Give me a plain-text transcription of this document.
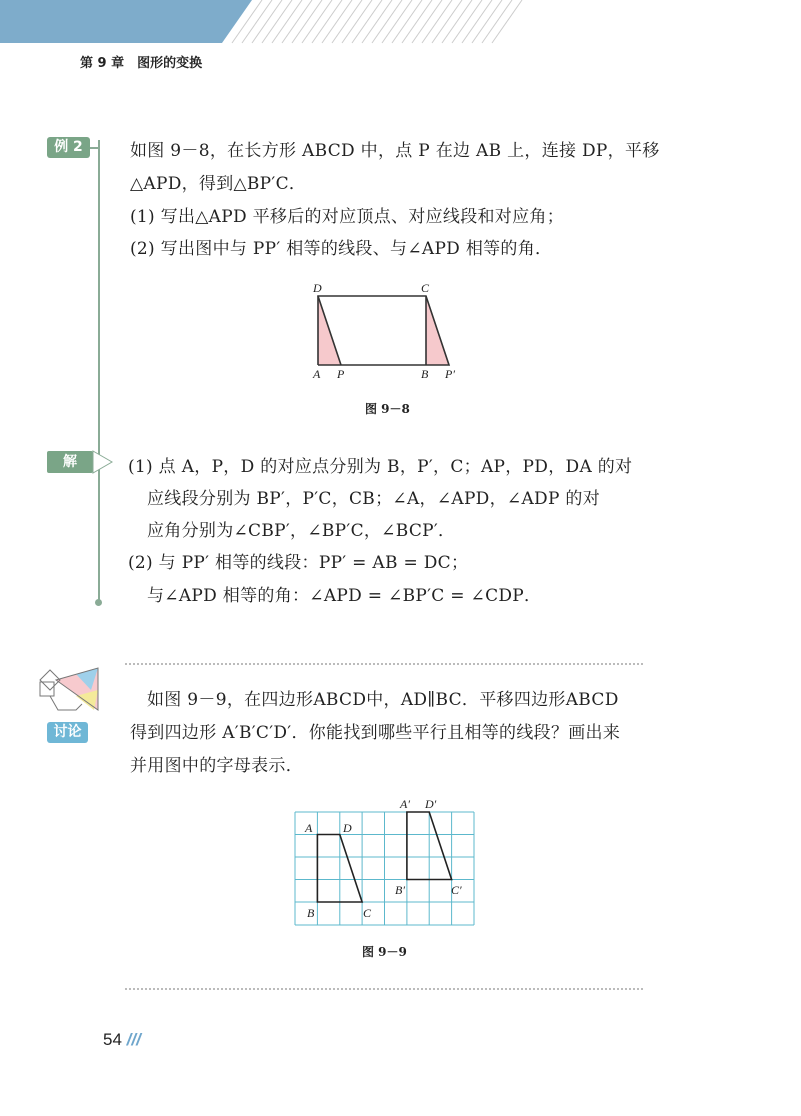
第 9 章　图形的变换
例 2	如图 9－8，在长方形 ABCD 中，点 P 在边 AB 上，连接 DP，平移
△APD，得到△BP′C．
(1) 写出△APD 平移后的对应顶点、对应线段和对应角；
(2) 写出图中与 PP′ 相等的线段、与∠APD 相等的角．
D	C
A P	B P′
图 9－8
解	(1) 点 A，P，D 的对应点分别为 B，P′，C；AP，PD，DA 的对
应线段分别为 BP′，P′C，CB；∠A，∠APD，∠ADP 的对
应角分别为∠CBP′，∠BP′C，∠BCP′．
(2) 与 PP′ 相等的线段：PP′ = AB = DC；
与∠APD 相等的角：∠APD = ∠BP′C = ∠CDP．
讨论
如图 9－9，在四边形ABCD中，AD∥BC．平移四边形ABCD
得到四边形 A′B′C′D′．你能找到哪些平行且相等的线段？画出来
并用图中的字母表示．
A	D
B	C
A′ D′
B′	C′
图 9－9
54 ///
